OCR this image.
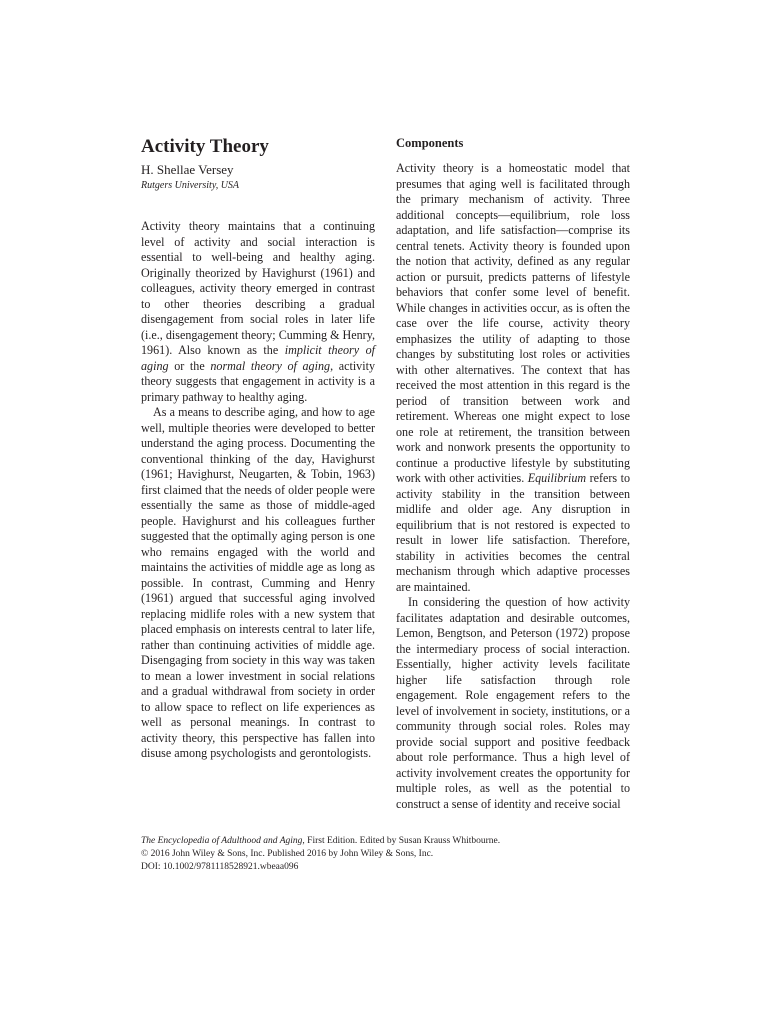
Activity Theory

H. Shellae Versey

Rutgers University, USA

Activity theory maintains that a continuing level of activity and social interaction is essential to well-being and healthy aging. Originally theorized by Havighurst (1961) and colleagues, activity theory emerged in contrast to other theories describing a gradual disengagement from social roles in later life (i.e., disengagement theory; Cumming & Henry, 1961). Also known as the implicit theory of aging or the normal theory of aging, activity theory suggests that engagement in activity is a primary pathway to healthy aging.

As a means to describe aging, and how to age well, multiple theories were developed to better understand the aging process. Documenting the conventional thinking of the day, Havighurst (1961; Havighurst, Neugarten, & Tobin, 1963) first claimed that the needs of older people were essentially the same as those of middle-aged people. Havighurst and his colleagues further suggested that the optimally aging person is one who remains engaged with the world and maintains the activities of middle age as long as possible. In contrast, Cumming and Henry (1961) argued that successful aging involved replacing midlife roles with a new system that placed emphasis on interests central to later life, rather than continuing activities of middle age. Disengaging from society in this way was taken to mean a lower investment in social relations and a gradual withdrawal from society in order to allow space to reflect on life experiences as well as personal meanings. In contrast to activity theory, this perspective has fallen into disuse among psychologists and gerontologists.

Components

Activity theory is a homeostatic model that presumes that aging well is facilitated through the primary mechanism of activity. Three additional concepts—equilibrium, role loss adaptation, and life satisfaction—comprise its central tenets. Activity theory is founded upon the notion that activity, defined as any regular action or pursuit, predicts patterns of lifestyle behaviors that confer some level of benefit. While changes in activities occur, as is often the case over the life course, activity theory emphasizes the utility of adapting to those changes by substituting lost roles or activities with other alternatives. The context that has received the most attention in this regard is the period of transition between work and retirement. Whereas one might expect to lose one role at retirement, the transition between work and nonwork presents the opportunity to continue a productive lifestyle by substituting work with other activities. Equilibrium refers to activity stability in the transition between midlife and older age. Any disruption in equilibrium that is not restored is expected to result in lower life satisfaction. Therefore, stability in activities becomes the central mechanism through which adaptive processes are maintained.

In considering the question of how activity facilitates adaptation and desirable outcomes, Lemon, Bengtson, and Peterson (1972) propose the intermediary process of social interaction. Essentially, higher activity levels facilitate higher life satisfaction through role engagement. Role engagement refers to the level of involvement in society, institutions, or a community through social roles. Roles may provide social support and positive feedback about role performance. Thus a high level of activity involvement creates the opportunity for multiple roles, as well as the potential to construct a sense of identity and receive social

The Encyclopedia of Adulthood and Aging, First Edition. Edited by Susan Krauss Whitbourne.
© 2016 John Wiley & Sons, Inc. Published 2016 by John Wiley & Sons, Inc.
DOI: 10.1002/9781118528921.wbeaa096
